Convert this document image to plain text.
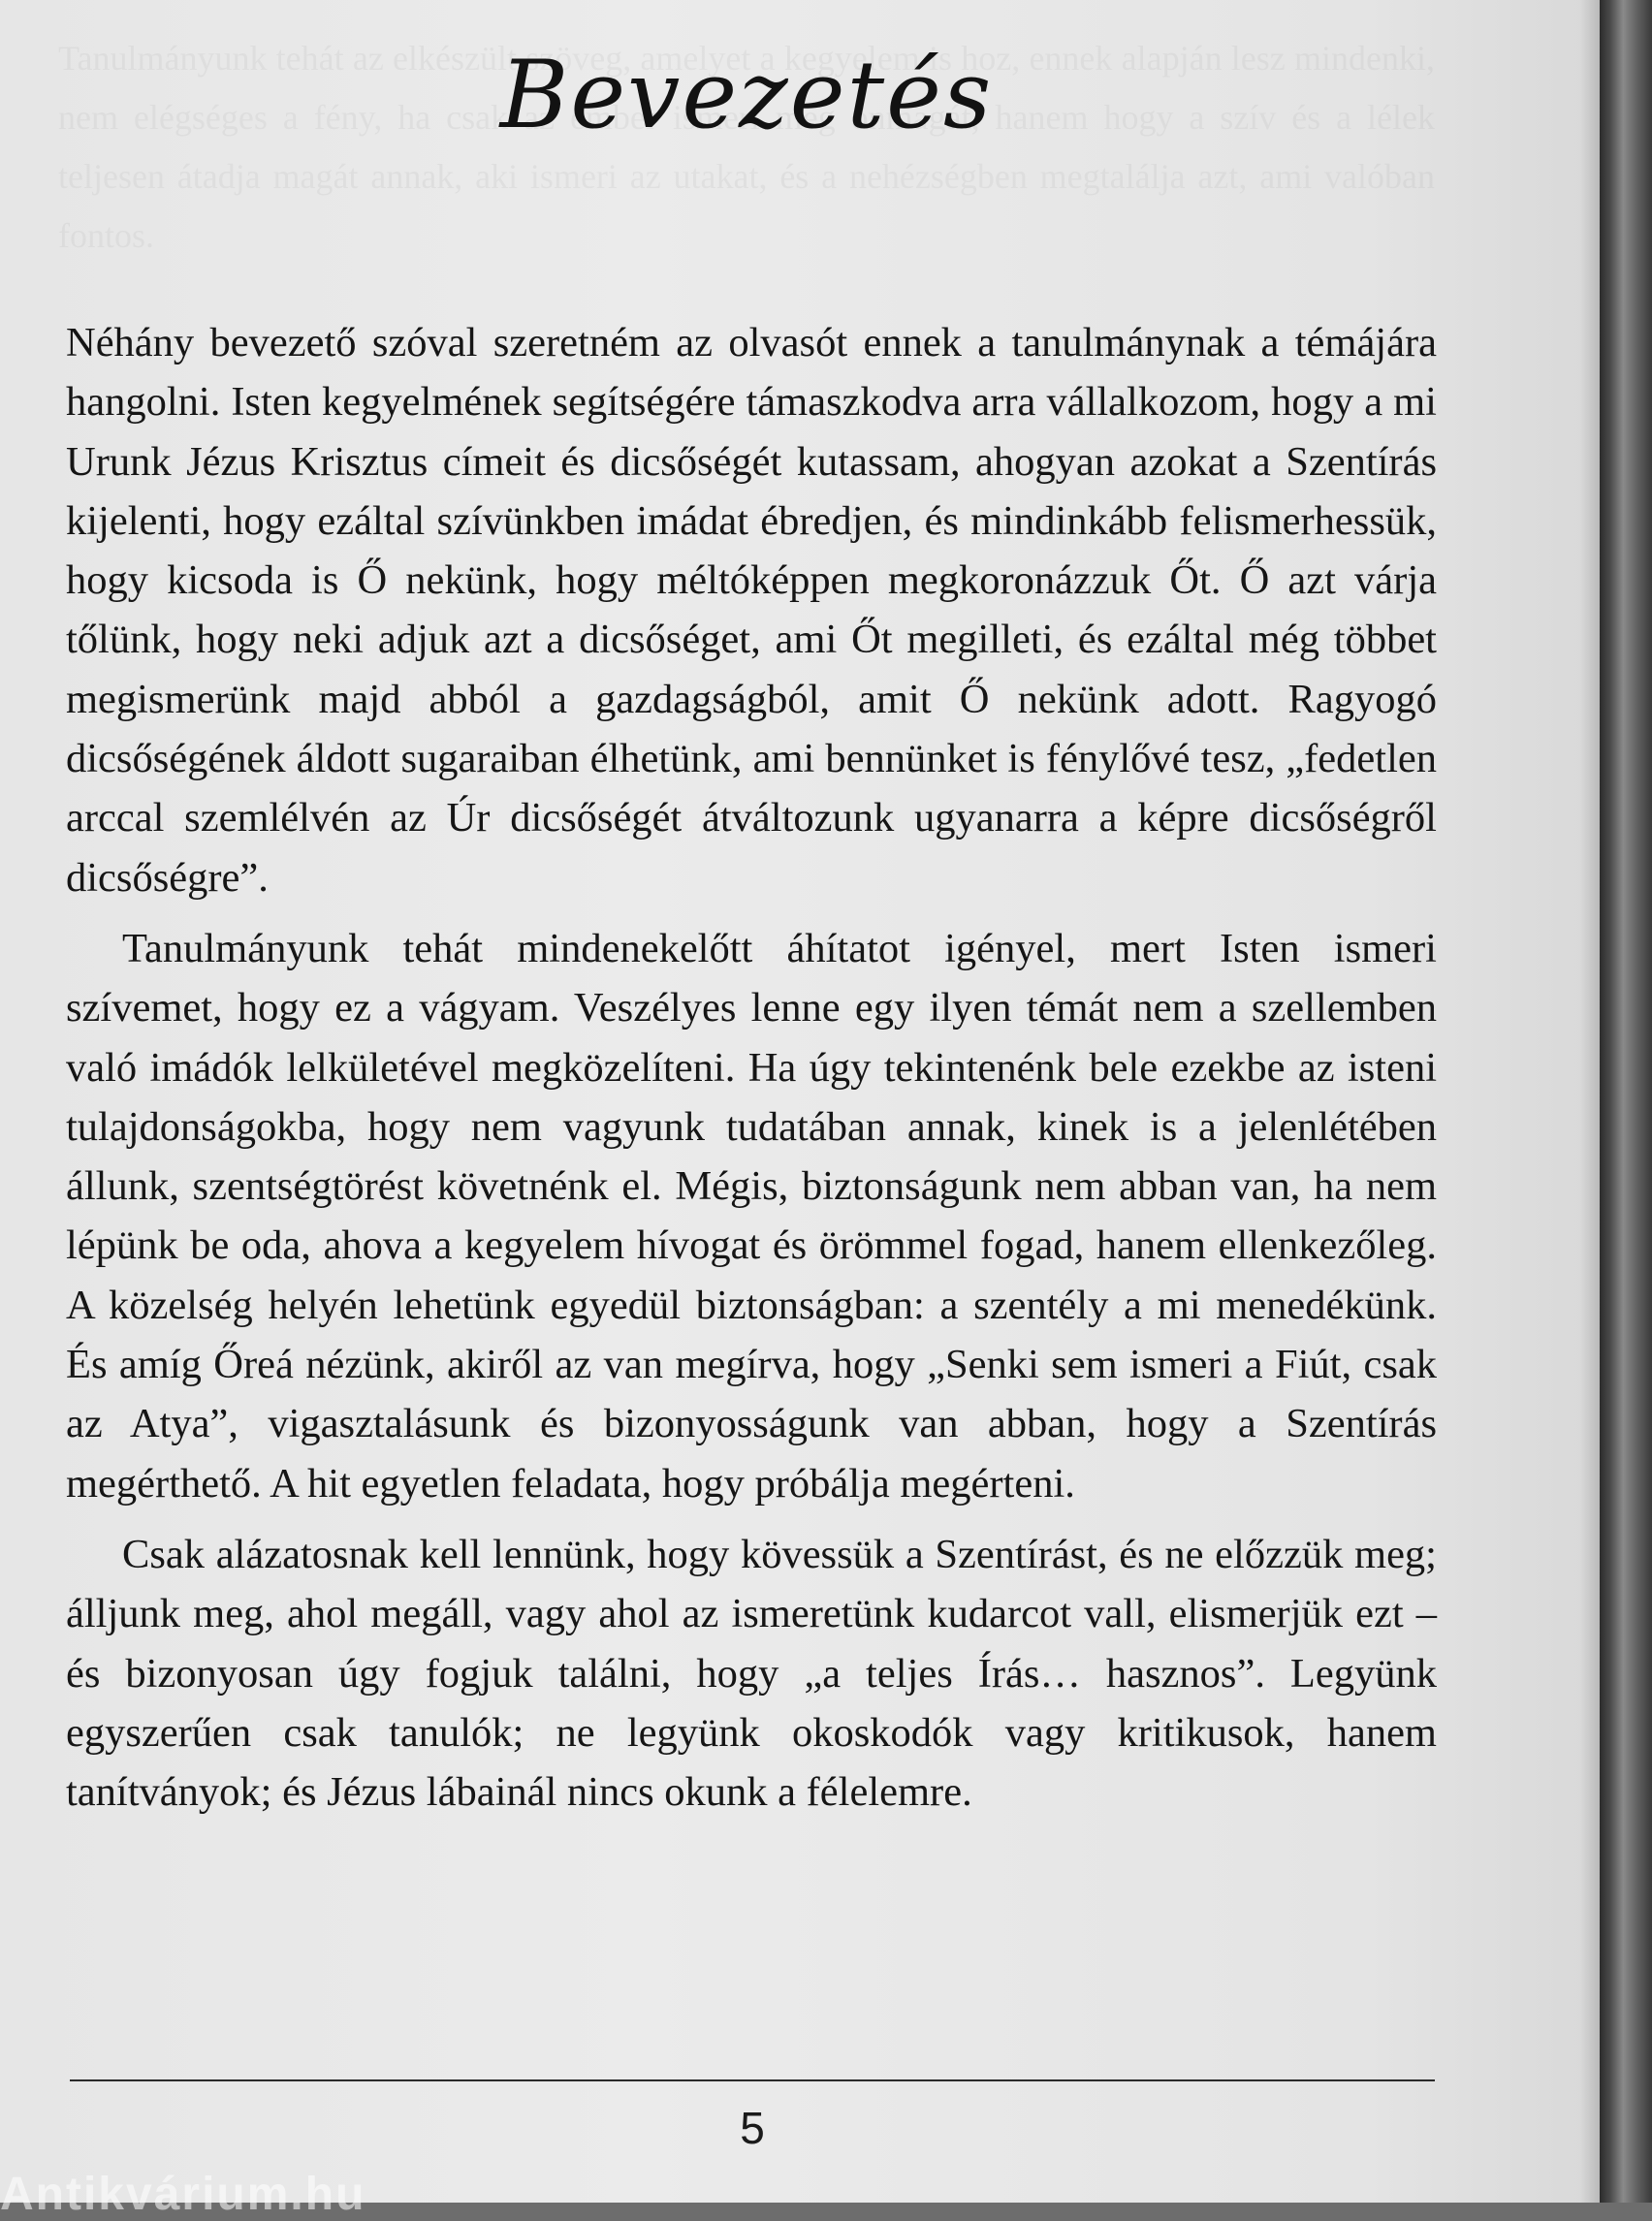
Bevezetés

Néhány bevezető szóval szeretném az olvasót ennek a tanulmánynak a témájára hangolni. Isten kegyelmének segítségére támaszkodva arra vállalkozom, hogy a mi Urunk Jézus Krisztus címeit és dicsőségét kutassam, ahogyan azokat a Szentírás kijelenti, hogy ezáltal szívünkben imádat ébredjen, és mindinkább felismerhessük, hogy kicsoda is Ő nekünk, hogy méltóképpen megkoronázzuk Őt. Ő azt várja tőlünk, hogy neki adjuk azt a dicsőséget, ami Őt megilleti, és ezáltal még többet megismerünk majd abból a gazdagságból, amit Ő nekünk adott. Ragyogó dicsőségének áldott sugaraiban élhetünk, ami bennünket is fénylővé tesz, „fedetlen arccal szemlélvén az Úr dicsőségét átváltozunk ugyanarra a képre dicsőségről dicsőségre”.

Tanulmányunk tehát mindenekelőtt áhítatot igényel, mert Isten ismeri szívemet, hogy ez a vágyam. Veszélyes lenne egy ilyen témát nem a szellemben való imádók lelkületével megközelíteni. Ha úgy tekintenénk bele ezekbe az isteni tulajdonságokba, hogy nem vagyunk tudatában annak, kinek is a jelenlétében állunk, szentségtörést követnénk el. Mégis, biztonságunk nem abban van, ha nem lépünk be oda, ahova a kegyelem hívogat és örömmel fogad, hanem ellenkezőleg. A közelség helyén lehetünk egyedül biztonságban: a szentély a mi menedékünk. És amíg Őreá nézünk, akiről az van megírva, hogy „Senki sem ismeri a Fiút, csak az Atya”, vigasztalásunk és bizonyosságunk van abban, hogy a Szentírás megérthető. A hit egyetlen feladata, hogy próbálja megérteni.

Csak alázatosnak kell lennünk, hogy kövessük a Szentírást, és ne előzzük meg; álljunk meg, ahol megáll, vagy ahol az ismeretünk kudarcot vall, elismerjük ezt – és bizonyosan úgy fogjuk találni, hogy „a teljes Írás… hasznos”. Legyünk egyszerűen csak tanulók; ne legyünk okoskodók vagy kritikusok, hanem tanítványok; és Jézus lábainál nincs okunk a félelemre.

5
Antikvárium.hu
